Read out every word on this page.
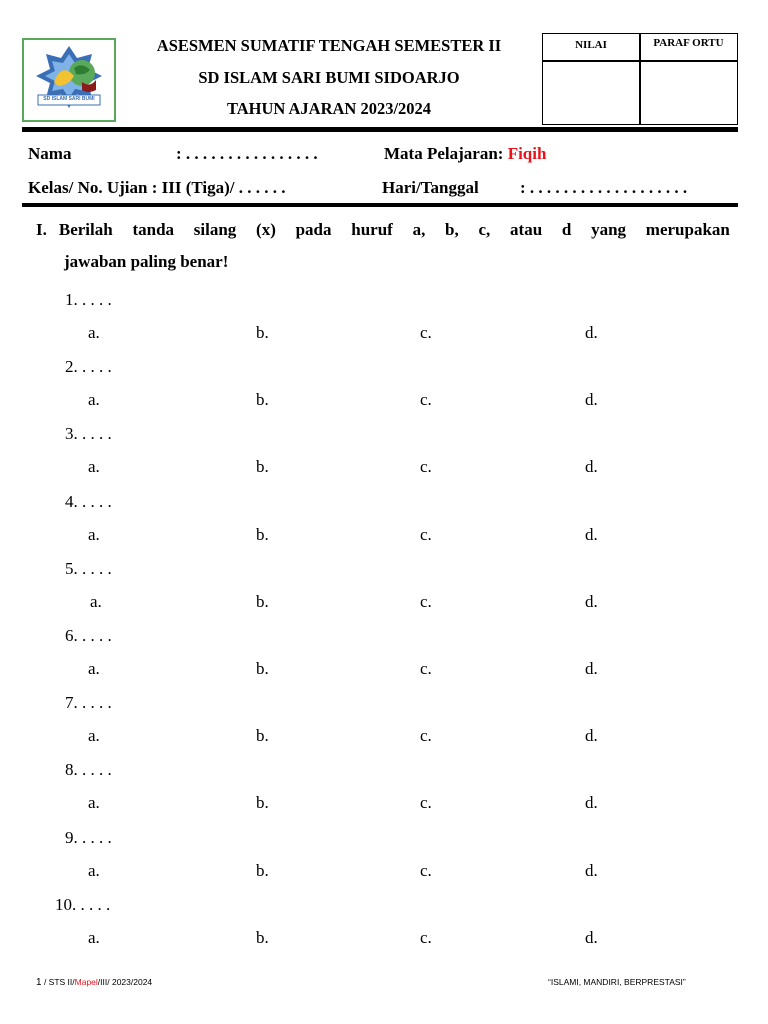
SD ISLAM SARI BUMI
ASESMEN SUMATIF TENGAH SEMESTER II
SD ISLAM SARI BUMI SIDOARJO
TAHUN AJARAN 2023/2024
NILAI	PARAF ORTU
Nama	: . . . . . . . . . . . . . . . .	Mata Pelajaran: Fiqih
Kelas/ No. Ujian : III (Tiga)/ . . . . . .	Hari/Tanggal : . . . . . . . . . . . . . . . . . . .
I. Berilah tanda silang (x) pada huruf a, b, c, atau d yang merupakan
jawaban paling benar!
1. . . . .
a.	b.	c.	d.
2. . . . .
a.	b.	c.	d.
3. . . . .
a.	b.	c.	d.
4. . . . .
a.	b.	c.	d.
5. . . . .
a.	b.	c.	d.
6. . . . .
a.	b.	c.	d.
7. . . . .
a.	b.	c.	d.
8. . . . .
a.	b.	c.	d.
9. . . . .
a.	b.	c.	d.
10. . . . .
a.	b.	c.	d.
1 / STS II/Mapel/III/ 2023/2024	“ISLAMI, MANDIRI, BERPRESTASI”
